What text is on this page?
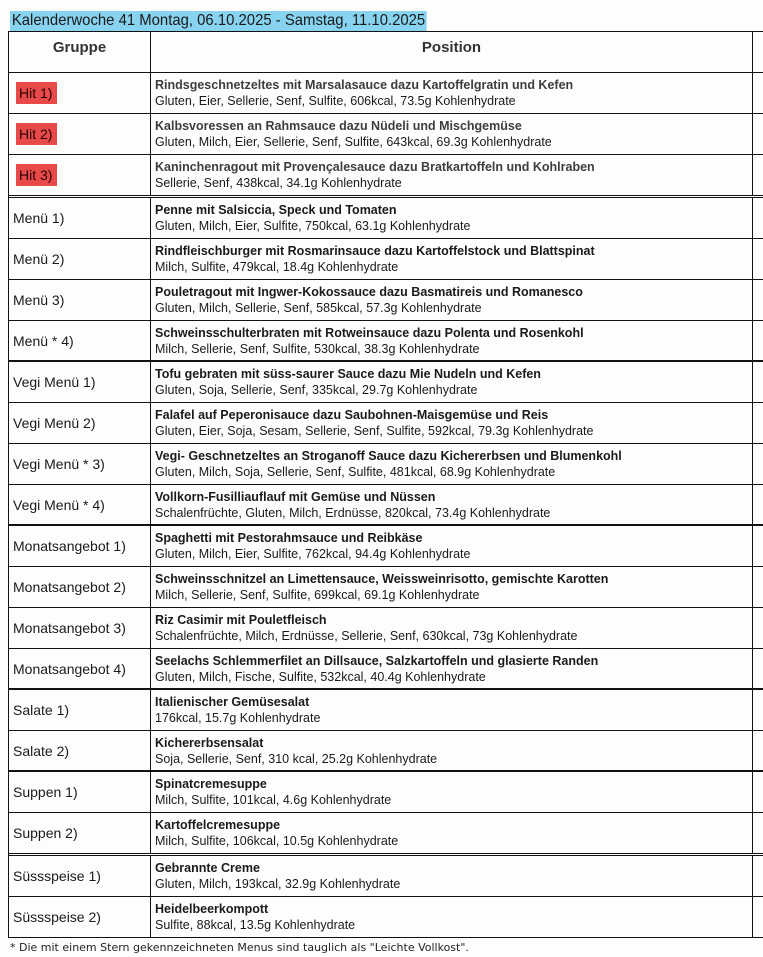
Kalenderwoche 41 Montag, 06.10.2025 - Samstag, 11.10.2025
Gruppe	Position
Hit 1)	Rindsgeschnetzeltes mit Marsalasauce dazu Kartoffelgratin und Kefen
Gluten, Eier, Sellerie, Senf, Sulfite, 606kcal, 73.5g Kohlenhydrate
Hit 2)	Kalbsvoressen an Rahmsauce dazu Nüdeli und Mischgemüse
Gluten, Milch, Eier, Sellerie, Senf, Sulfite, 643kcal, 69.3g Kohlenhydrate
Hit 3)	Kaninchenragout mit Provençalesauce dazu Bratkartoffeln und Kohlraben
Sellerie, Senf, 438kcal, 34.1g Kohlenhydrate
Menü 1)	Penne mit Salsiccia, Speck und Tomaten
Gluten, Milch, Eier, Sulfite, 750kcal, 63.1g Kohlenhydrate
Menü 2)	Rindfleischburger mit Rosmarinsauce dazu Kartoffelstock und Blattspinat
Milch, Sulfite, 479kcal, 18.4g Kohlenhydrate
Menü 3)	Pouletragout mit Ingwer-Kokossauce dazu Basmatireis und Romanesco
Gluten, Milch, Sellerie, Senf, 585kcal, 57.3g Kohlenhydrate
Menü * 4)	Schweinsschulterbraten mit Rotweinsauce dazu Polenta und Rosenkohl
Milch, Sellerie, Senf, Sulfite, 530kcal, 38.3g Kohlenhydrate
Vegi Menü 1)	Tofu gebraten mit süss-saurer Sauce dazu Mie Nudeln und Kefen
Gluten, Soja, Sellerie, Senf, 335kcal, 29.7g Kohlenhydrate
Vegi Menü 2)	Falafel auf Peperonisauce dazu Saubohnen-Maisgemüse und Reis
Gluten, Eier, Soja, Sesam, Sellerie, Senf, Sulfite, 592kcal, 79.3g Kohlenhydrate
Vegi Menü * 3)	Vegi- Geschnetzeltes an Stroganoff Sauce dazu Kichererbsen und Blumenkohl
Gluten, Milch, Soja, Sellerie, Senf, Sulfite, 481kcal, 68.9g Kohlenhydrate
Vegi Menü * 4)	Vollkorn-Fusilliauflauf mit Gemüse und Nüssen
Schalenfrüchte, Gluten, Milch, Erdnüsse, 820kcal, 73.4g Kohlenhydrate
Monatsangebot 1) Spaghetti mit Pestorahmsauce und Reibkäse
Gluten, Milch, Eier, Sulfite, 762kcal, 94.4g Kohlenhydrate
Monatsangebot 2) Schweinsschnitzel an Limettensauce, Weissweinrisotto, gemischte Karotten
Milch, Sellerie, Senf, Sulfite, 699kcal, 69.1g Kohlenhydrate
Monatsangebot 3) Riz Casimir mit Pouletfleisch
Schalenfrüchte, Milch, Erdnüsse, Sellerie, Senf, 630kcal, 73g Kohlenhydrate
Monatsangebot 4) Seelachs Schlemmerfilet an Dillsauce, Salzkartoffeln und glasierte Randen
Gluten, Milch, Fische, Sulfite, 532kcal, 40.4g Kohlenhydrate
Salate 1)	Italienischer Gemüsesalat
176kcal, 15.7g Kohlenhydrate
Salate 2)	Kichererbsensalat
Soja, Sellerie, Senf, 310 kcal, 25.2g Kohlenhydrate
Suppen 1)	Spinatcremesuppe
Milch, Sulfite, 101kcal, 4.6g Kohlenhydrate
Suppen 2)	Kartoffelcremesuppe
Milch, Sulfite, 106kcal, 10.5g Kohlenhydrate
Süssspeise 1)	Gebrannte Creme
Gluten, Milch, 193kcal, 32.9g Kohlenhydrate
Süssspeise 2)	Heidelbeerkompott
Sulfite, 88kcal, 13.5g Kohlenhydrate
* Die mit einem Stern gekennzeichneten Menus sind tauglich als "Leichte Vollkost".
